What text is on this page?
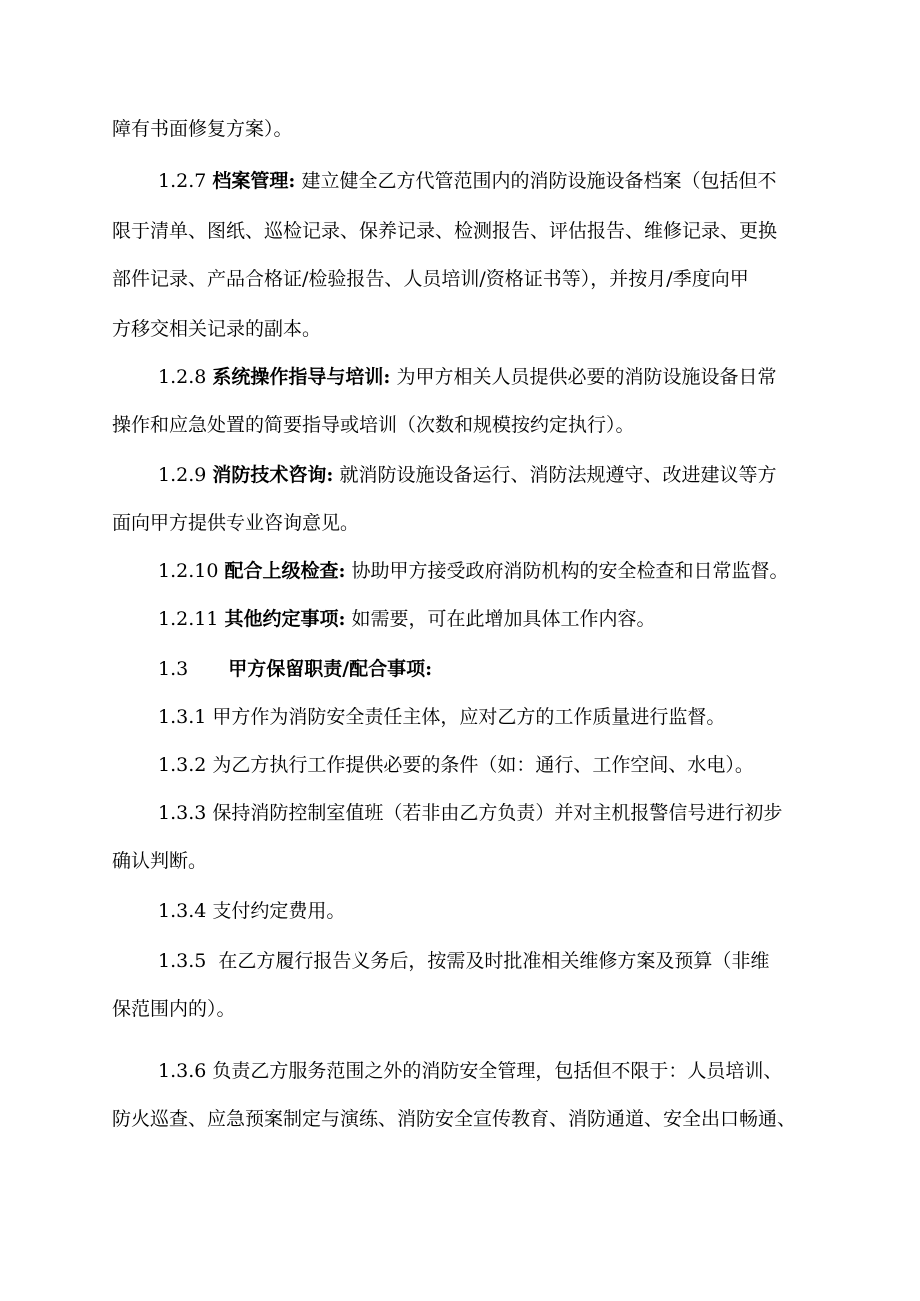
障有书面修复方案）。
1.2.7 档案管理: 建立健全乙方代管范围内的消防设施设备档案（包括但不
限于清单、图纸、巡检记录、保养记录、检测报告、评估报告、维修记录、更换
部件记录、产品合格证/检验报告、人员培训/资格证书等），并按月/季度向甲
方移交相关记录的副本。
1.2.8 系统操作指导与培训: 为甲方相关人员提供必要的消防设施设备日常
操作和应急处置的简要指导或培训（次数和规模按约定执行）。
1.2.9 消防技术咨询: 就消防设施设备运行、消防法规遵守、改进建议等方
面向甲方提供专业咨询意见。
1.2.10 配合上级检查: 协助甲方接受政府消防机构的安全检查和日常监督。
1.2.11 其他约定事项: 如需要，可在此增加具体工作内容。
1.3 甲方保留职责/配合事项:
1.3.1 甲方作为消防安全责任主体，应对乙方的工作质量进行监督。
1.3.2 为乙方执行工作提供必要的条件（如：通行、工作空间、水电）。
1.3.3 保持消防控制室值班（若非由乙方负责）并对主机报警信号进行初步
确认判断。
1.3.4 支付约定费用。
1.3.5 在乙方履行报告义务后，按需及时批准相关维修方案及预算（非维
保范围内的）。
1.3.6 负责乙方服务范围之外的消防安全管理，包括但不限于：人员培训、
防火巡查、应急预案制定与演练、消防安全宣传教育、消防通道、安全出口畅通、
